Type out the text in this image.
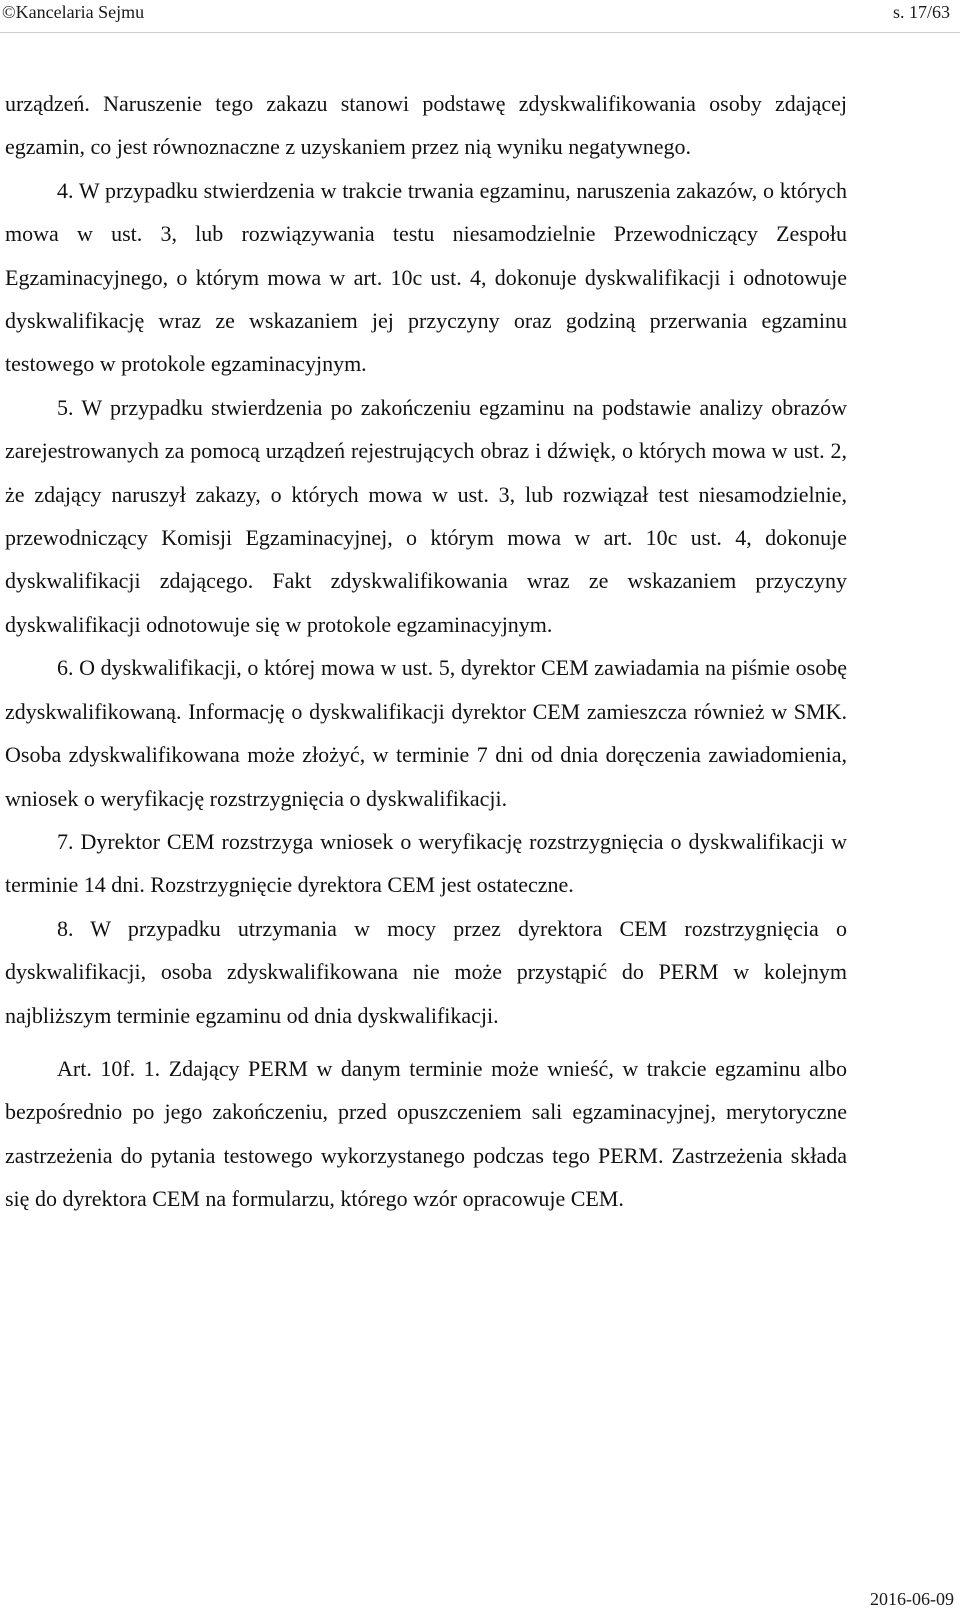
©Kancelaria Sejmu	s. 17/63

urządzeń. Naruszenie tego zakazu stanowi podstawę zdyskwalifikowania osoby zdającej egzamin, co jest równoznaczne z uzyskaniem przez nią wyniku negatywnego.

4. W przypadku stwierdzenia w trakcie trwania egzaminu, naruszenia zakazów, o których mowa w ust. 3, lub rozwiązywania testu niesamodzielnie Przewodniczący Zespołu Egzaminacyjnego, o którym mowa w art. 10c ust. 4, dokonuje dyskwalifikacji i odnotowuje dyskwalifikację wraz ze wskazaniem jej przyczyny oraz godziną przerwania egzaminu testowego w protokole egzaminacyjnym.

5. W przypadku stwierdzenia po zakończeniu egzaminu na podstawie analizy obrazów zarejestrowanych za pomocą urządzeń rejestrujących obraz i dźwięk, o których mowa w ust. 2, że zdający naruszył zakazy, o których mowa w ust. 3, lub rozwiązał test niesamodzielnie, przewodniczący Komisji Egzaminacyjnej, o którym mowa w art. 10c ust. 4, dokonuje dyskwalifikacji zdającego. Fakt zdyskwalifikowania wraz ze wskazaniem przyczyny dyskwalifikacji odnotowuje się w protokole egzaminacyjnym.

6. O dyskwalifikacji, o której mowa w ust. 5, dyrektor CEM zawiadamia na piśmie osobę zdyskwalifikowaną. Informację o dyskwalifikacji dyrektor CEM zamieszcza również w SMK. Osoba zdyskwalifikowana może złożyć, w terminie 7 dni od dnia doręczenia zawiadomienia, wniosek o weryfikację rozstrzygnięcia o dyskwalifikacji.

7. Dyrektor CEM rozstrzyga wniosek o weryfikację rozstrzygnięcia o dyskwalifikacji w terminie 14 dni. Rozstrzygnięcie dyrektora CEM jest ostateczne.

8. W przypadku utrzymania w mocy przez dyrektora CEM rozstrzygnięcia o dyskwalifikacji, osoba zdyskwalifikowana nie może przystąpić do PERM w kolejnym najbliższym terminie egzaminu od dnia dyskwalifikacji.

Art. 10f. 1. Zdający PERM w danym terminie może wnieść, w trakcie egzaminu albo bezpośrednio po jego zakończeniu, przed opuszczeniem sali egzaminacyjnej, merytoryczne zastrzeżenia do pytania testowego wykorzystanego podczas tego PERM. Zastrzeżenia składa się do dyrektora CEM na formularzu, którego wzór opracowuje CEM.

2016-06-09
